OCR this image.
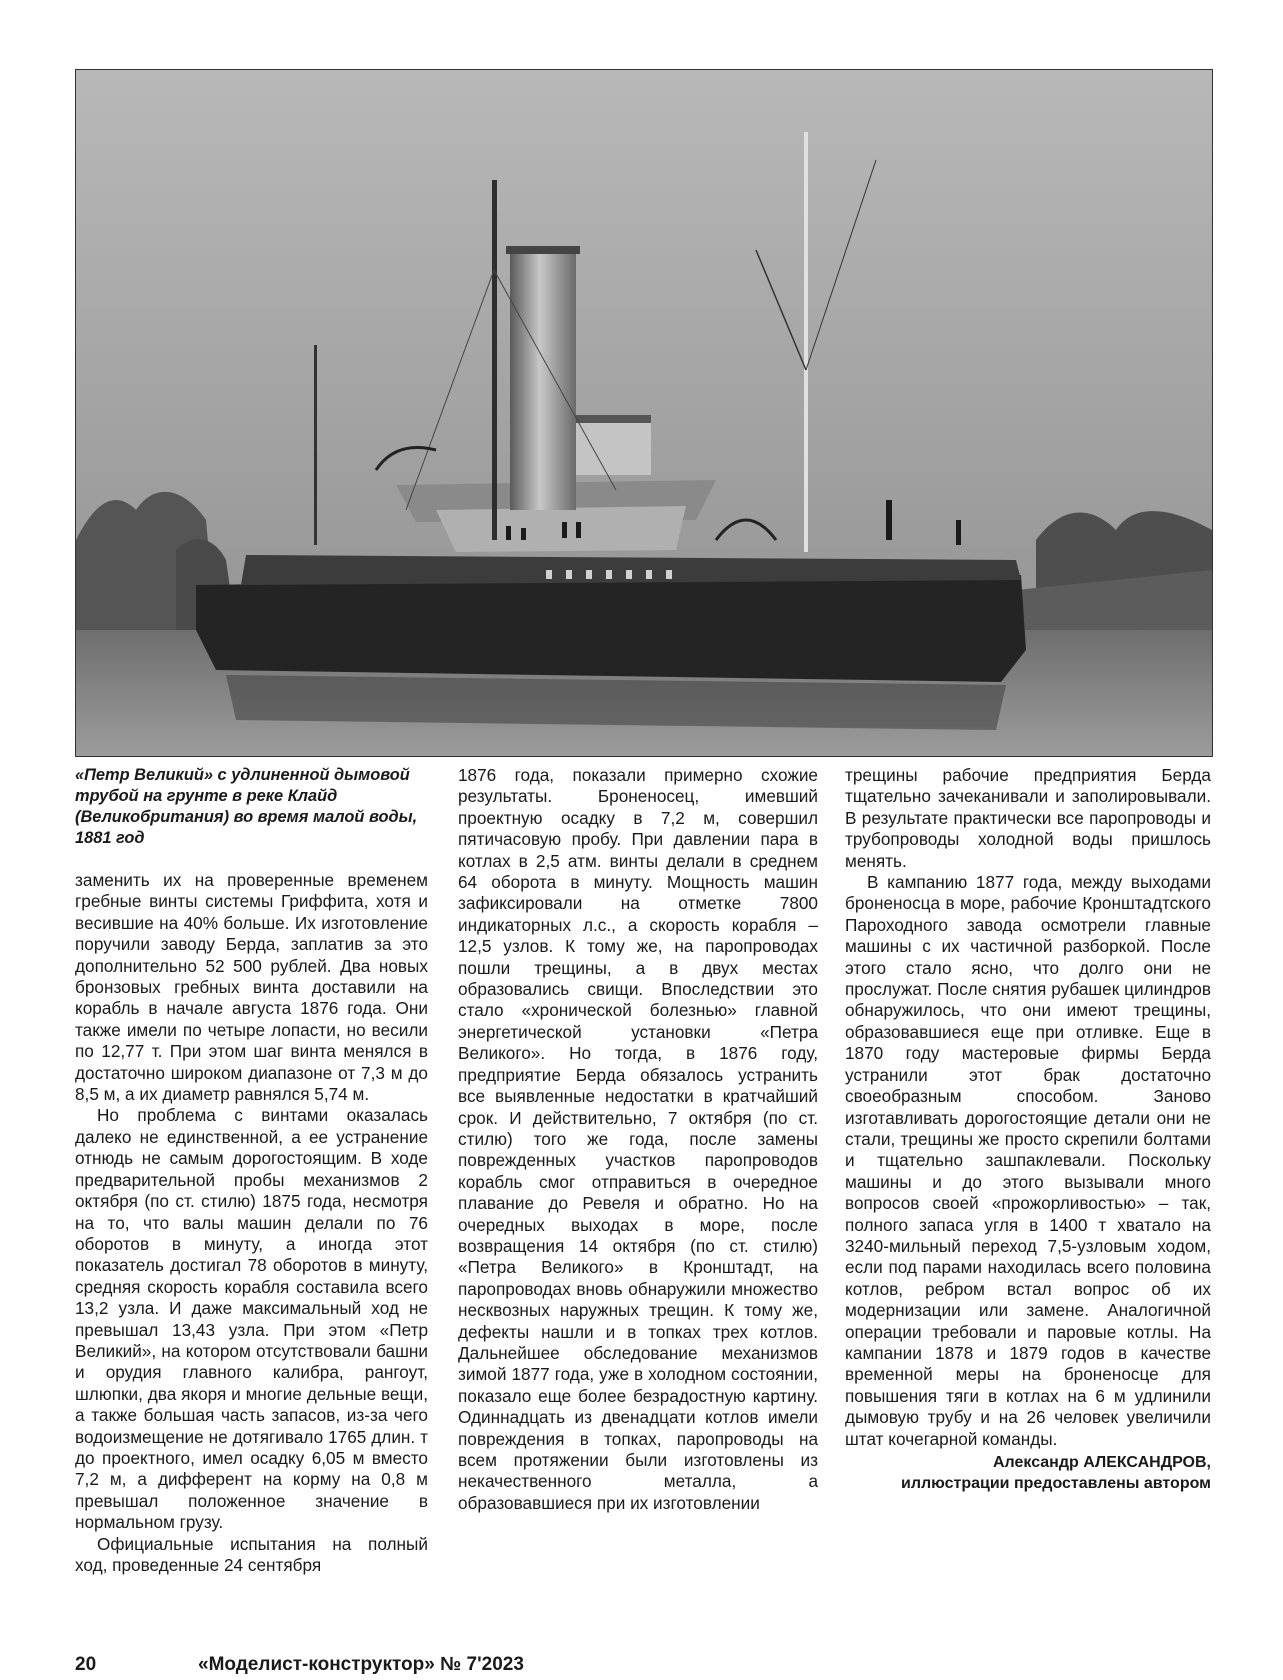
«Петр Великий» с удлиненной дымовой трубой на грунте в реке Клайд (Великобритания) во время малой воды, 1881 год

заменить их на проверенные временем гребные винты системы Гриффита, хотя и весившие на 40% больше. Их изготовление поручили заводу Берда, заплатив за это дополнительно 52 500 рублей. Два новых бронзовых гребных винта доставили на корабль в начале августа 1876 года. Они также имели по четыре лопасти, но весили по 12,77 т. При этом шаг винта менялся в достаточно широком диапазоне от 7,3 м до 8,5 м, а их диаметр равнялся 5,74 м.

Но проблема с винтами оказалась далеко не единственной, а ее устранение отнюдь не самым дорогостоящим. В ходе предварительной пробы механизмов 2 октября (по ст. стилю) 1875 года, несмотря на то, что валы машин делали по 76 оборотов в минуту, а иногда этот показатель достигал 78 оборотов в минуту, средняя скорость корабля составила всего 13,2 узла. И даже максимальный ход не превышал 13,43 узла. При этом «Петр Великий», на котором отсутствовали башни и орудия главного калибра, рангоут, шлюпки, два якоря и многие дельные вещи, а также большая часть запасов, из-за чего водоизмещение не дотягивало 1765 длин. т до проектного, имел осадку 6,05 м вместо 7,2 м, а дифферент на корму на 0,8 м превышал положенное значение в нормальном грузу.

Официальные испытания на полный ход, проведенные 24 сентября

1876 года, показали примерно схожие результаты. Броненосец, имевший проектную осадку в 7,2 м, совершил пятичасовую пробу. При давлении пара в котлах в 2,5 атм. винты делали в среднем 64 оборота в минуту. Мощность машин зафиксировали на отметке 7800 индикаторных л.с., а скорость корабля – 12,5 узлов. К тому же, на паропроводах пошли трещины, а в двух местах образовались свищи. Впоследствии это стало «хронической болезнью» главной энергетической установки «Петра Великого». Но тогда, в 1876 году, предприятие Берда обязалось устранить все выявленные недостатки в кратчайший срок. И действительно, 7 октября (по ст. стилю) того же года, после замены поврежденных участков паропроводов корабль смог отправиться в очередное плавание до Ревеля и обратно. Но на очередных выходах в море, после возвращения 14 октября (по ст. стилю) «Петра Великого» в Кронштадт, на паропроводах вновь обнаружили множество несквозных наружных трещин. К тому же, дефекты нашли и в топках трех котлов. Дальнейшее обследование механизмов зимой 1877 года, уже в холодном состоянии, показало еще более безрадостную картину. Одиннадцать из двенадцати котлов имели повреждения в топках, паропроводы на всем протяжении были изготовлены из некачественного металла, а образовавшиеся при их изготовлении

трещины рабочие предприятия Берда тщательно зачеканивали и заполировывали. В результате практически все паропроводы и трубопроводы холодной воды пришлось менять.

В кампанию 1877 года, между выходами броненосца в море, рабочие Кронштадтского Пароходного завода осмотрели главные машины с их частичной разборкой. После этого стало ясно, что долго они не прослужат. После снятия рубашек цилиндров обнаружилось, что они имеют трещины, образовавшиеся еще при отливке. Еще в 1870 году мастеровые фирмы Берда устранили этот брак достаточно своеобразным способом. Заново изготавливать дорогостоящие детали они не стали, трещины же просто скрепили болтами и тщательно зашпаклевали. Поскольку машины и до этого вызывали много вопросов своей «прожорливостью» – так, полного запаса угля в 1400 т хватало на 3240-мильный переход 7,5-узловым ходом, если под парами находилась всего половина котлов, ребром встал вопрос об их модернизации или замене. Аналогичной операции требовали и паровые котлы. На кампании 1878 и 1879 годов в качестве временной меры на броненосце для повышения тяги в котлах на 6 м удлинили дымовую трубу и на 26 человек увеличили штат кочегарной команды.

Александр АЛЕКСАНДРОВ,
иллюстрации предоставлены автором
20	«Моделист-конструктор» № 7'2023
